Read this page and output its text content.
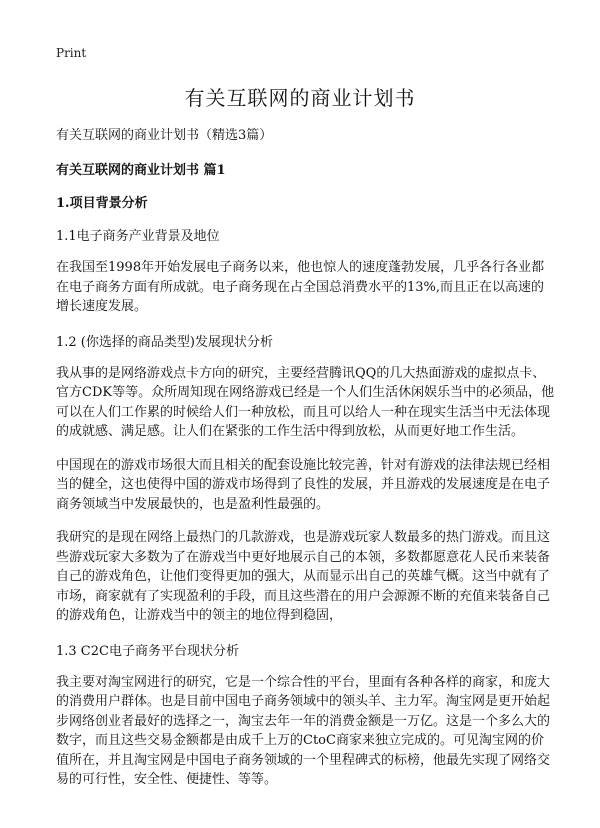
Print
有关互联网的商业计划书
有关互联网的商业计划书（精选3篇）
有关互联网的商业计划书 篇1
1.项目背景分析
1.1电子商务产业背景及地位

在我国至1998年开始发展电子商务以来，他也惊人的速度蓬勃发展，几乎各行各业都在电子商务方面有所成就。电子商务现在占全国总消费水平的13%,而且正在以高速的增长速度发展。

1.2 (你选择的商品类型)发展现状分析

我从事的是网络游戏点卡方向的研究，主要经营腾讯QQ的几大热面游戏的虚拟点卡、官方CDK等等。众所周知现在网络游戏已经是一个人们生活休闲娱乐当中的必须品，他可以在人们工作累的时候给人们一种放松，而且可以给人一种在现实生活当中无法体现的成就感、满足感。让人们在紧张的工作生活中得到放松，从而更好地工作生活。

中国现在的游戏市场很大而且相关的配套设施比较完善，针对有游戏的法律法规已经相当的健全，这也使得中国的游戏市场得到了良性的发展，并且游戏的发展速度是在电子商务领域当中发展最快的，也是盈利性最强的。

我研究的是现在网络上最热门的几款游戏，也是游戏玩家人数最多的热门游戏。而且这些游戏玩家大多数为了在游戏当中更好地展示自己的本领，多数都愿意花人民币来装备自己的游戏角色，让他们变得更加的强大，从而显示出自己的英雄气概。这当中就有了市场，商家就有了实现盈利的手段，而且这些潜在的用户会源源不断的充值来装备自己的游戏角色，让游戏当中的领主的地位得到稳固，

1.3 C2C电子商务平台现状分析

我主要对淘宝网进行的研究，它是一个综合性的平台，里面有各种各样的商家，和庞大的消费用户群体。也是目前中国电子商务领域中的领头羊、主力军。淘宝网是更开始起步网络创业者最好的选择之一，淘宝去年一年的消费金额是一万亿。这是一个多么大的数字，而且这些交易金额都是由成千上万的CtoC商家来独立完成的。可见淘宝网的价值所在，并且淘宝网是中国电子商务领域的一个里程碑式的标榜，他最先实现了网络交易的可行性，安全性、便捷性、等等。
